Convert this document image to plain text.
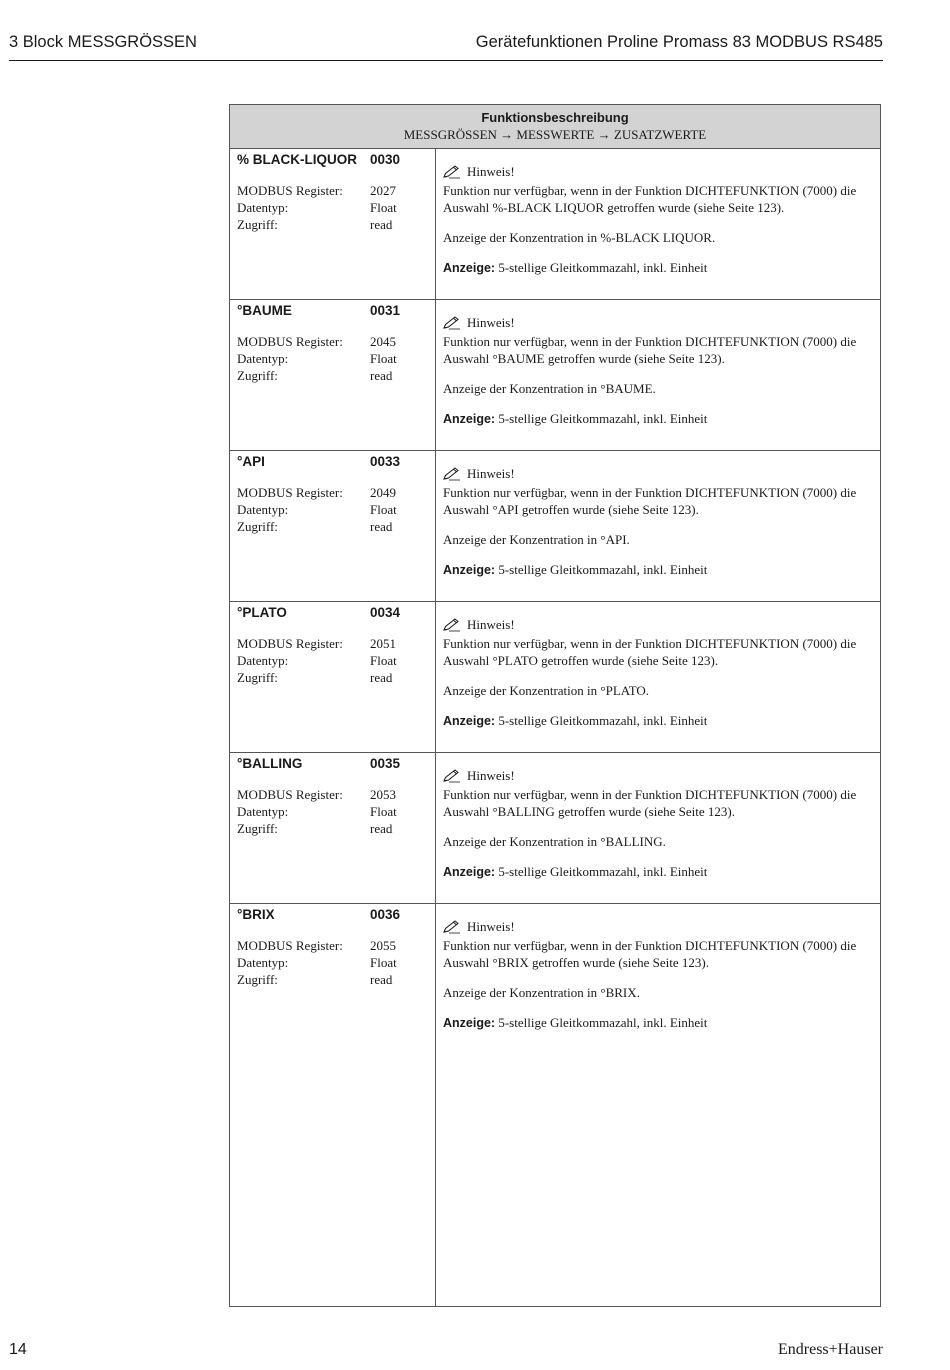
3 Block MESSGRÖSSEN	Gerätefunktionen Proline Promass 83 MODBUS RS485
Funktionsbeschreibung
MESSGRÖSSEN → MESSWERTE → ZUSATZWERTE
% BLACK-LIQUOR 0030
MODBUS Register: 2027
Datentyp:	Float
Zugriff:	read
Hinweis!
Funktion nur verfügbar, wenn in der Funktion DICHTEFUNKTION (7000) die Auswahl %-BLACK LIQUOR getroffen wurde (siehe Seite 123).
Anzeige der Konzentration in %-BLACK LIQUOR.
Anzeige: 5-stellige Gleitkommazahl, inkl. Einheit
°BAUME	0031
MODBUS Register: 2045
Datentyp:	Float
Zugriff:	read
Hinweis!
Funktion nur verfügbar, wenn in der Funktion DICHTEFUNKTION (7000) die Auswahl °BAUME getroffen wurde (siehe Seite 123).
Anzeige der Konzentration in °BAUME.
Anzeige: 5-stellige Gleitkommazahl, inkl. Einheit
°API	0033
MODBUS Register: 2049
Datentyp:	Float
Zugriff:	read
Hinweis!
Funktion nur verfügbar, wenn in der Funktion DICHTEFUNKTION (7000) die Auswahl °API getroffen wurde (siehe Seite 123).
Anzeige der Konzentration in °API.
Anzeige: 5-stellige Gleitkommazahl, inkl. Einheit
°PLATO	0034
MODBUS Register: 2051
Datentyp:	Float
Zugriff:	read
Hinweis!
Funktion nur verfügbar, wenn in der Funktion DICHTEFUNKTION (7000) die Auswahl °PLATO getroffen wurde (siehe Seite 123).
Anzeige der Konzentration in °PLATO.
Anzeige: 5-stellige Gleitkommazahl, inkl. Einheit
°BALLING	0035
MODBUS Register: 2053
Datentyp:	Float
Zugriff:	read
Hinweis!
Funktion nur verfügbar, wenn in der Funktion DICHTEFUNKTION (7000) die Auswahl °BALLING getroffen wurde (siehe Seite 123).
Anzeige der Konzentration in °BALLING.
Anzeige: 5-stellige Gleitkommazahl, inkl. Einheit
°BRIX	0036
MODBUS Register: 2055
Datentyp:	Float
Zugriff:	read
Hinweis!
Funktion nur verfügbar, wenn in der Funktion DICHTEFUNKTION (7000) die Auswahl °BRIX getroffen wurde (siehe Seite 123).
Anzeige der Konzentration in °BRIX.
Anzeige: 5-stellige Gleitkommazahl, inkl. Einheit
14	Endress+Hauser
